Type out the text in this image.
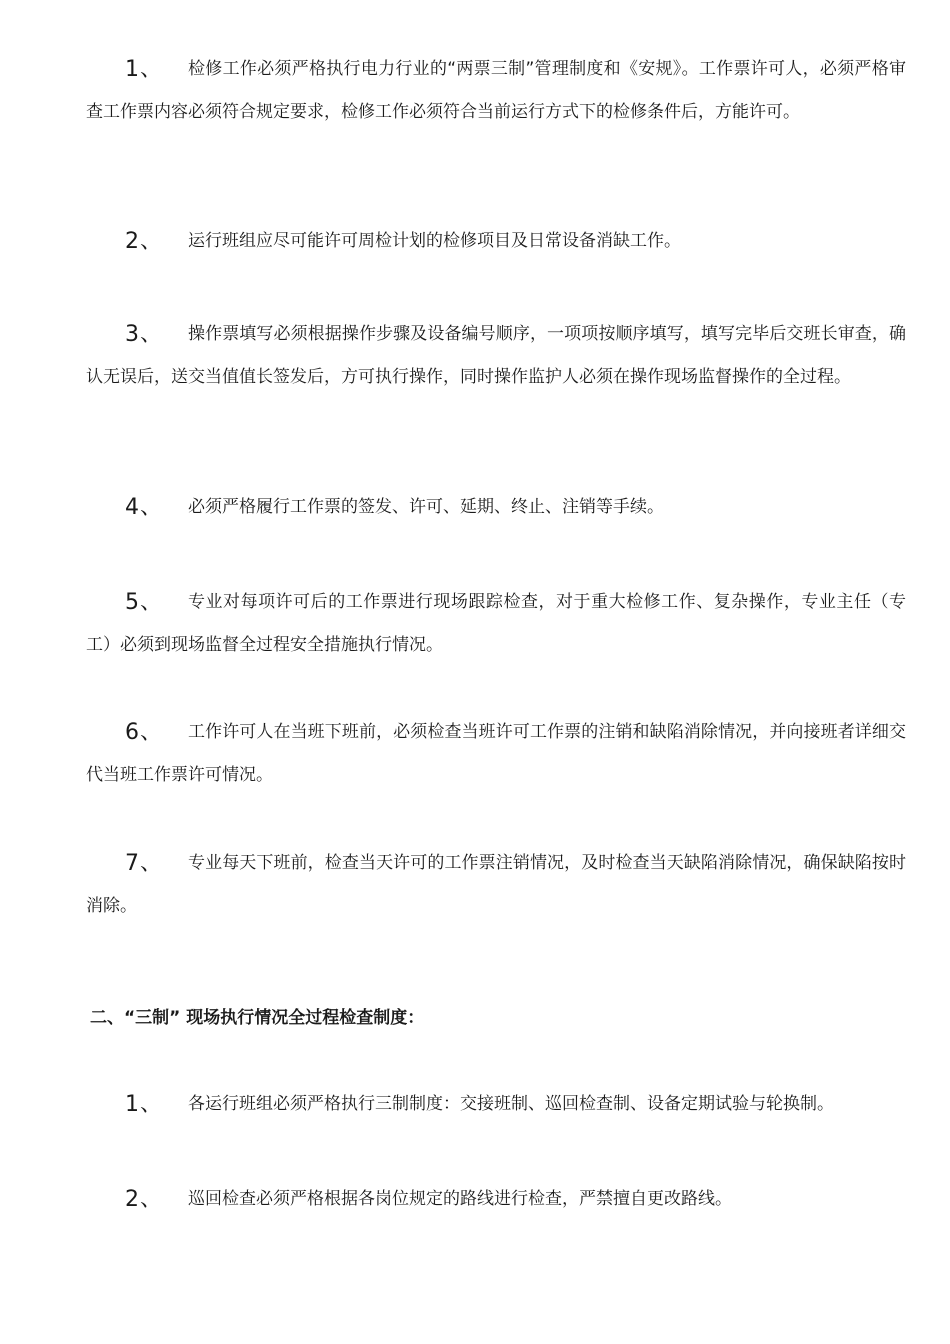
1、	检修工作必须严格执行电力行业的“两票三制”管理制度和《安规》。工作票许可人，必须严格审查工作票内容必须符合规定要求，检修工作必须符合当前运行方式下的检修条件后，方能许可。
2、	运行班组应尽可能许可周检计划的检修项目及日常设备消缺工作。
3、	操作票填写必须根据操作步骤及设备编号顺序，一项项按顺序填写，填写完毕后交班长审查，确认无误后，送交当值值长签发后，方可执行操作，同时操作监护人必须在操作现场监督操作的全过程。
4、	必须严格履行工作票的签发、许可、延期、终止、注销等手续。
5、	专业对每项许可后的工作票进行现场跟踪检查，对于重大检修工作、复杂操作，专业主任（专工）必须到现场监督全过程安全措施执行情况。
6、	工作许可人在当班下班前，必须检查当班许可工作票的注销和缺陷消除情况，并向接班者详细交代当班工作票许可情况。
7、	专业每天下班前，检查当天许可的工作票注销情况，及时检查当天缺陷消除情况，确保缺陷按时消除。
二、“三制” 现场执行情况全过程检查制度：
1、	各运行班组必须严格执行三制制度：交接班制、巡回检查制、设备定期试验与轮换制。
2、	巡回检查必须严格根据各岗位规定的路线进行检查，严禁擅自更改路线。
